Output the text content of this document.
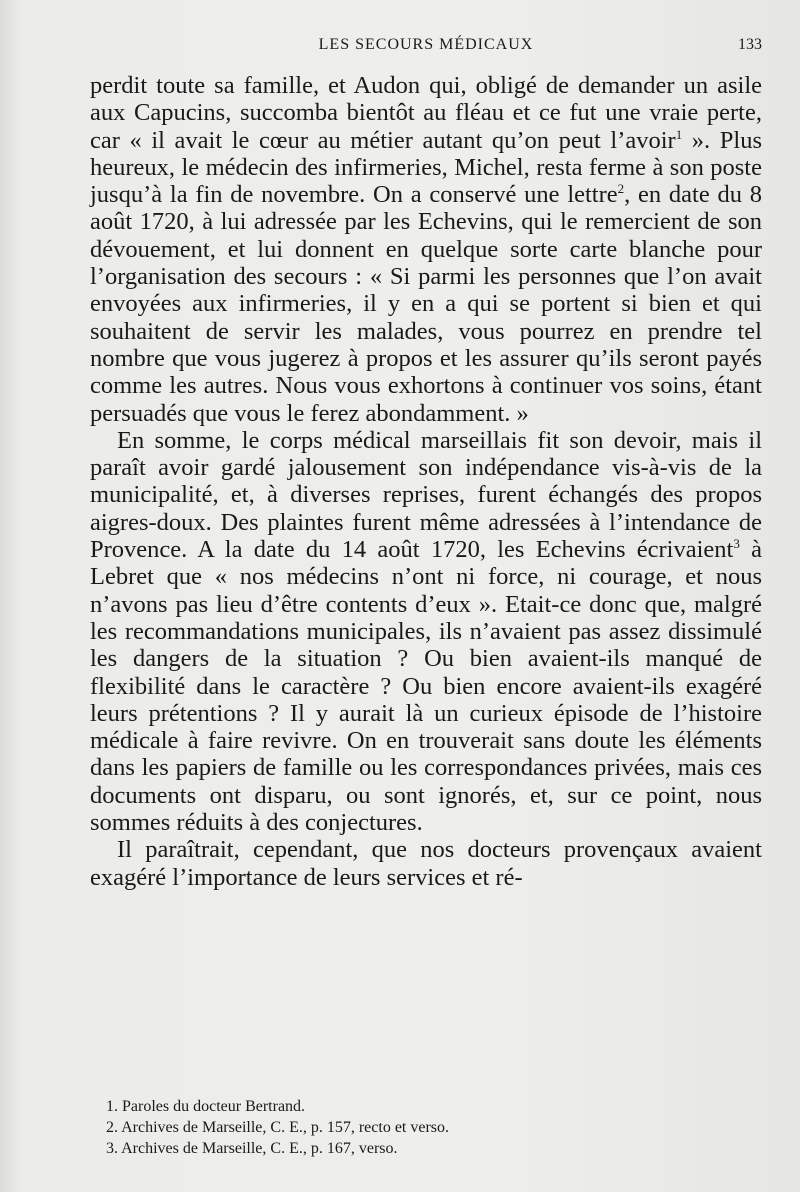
LES SECOURS MÉDICAUX	133

perdit toute sa famille, et Audon qui, obligé de demander un asile aux Capucins, succomba bientôt au fléau et ce fut une vraie perte, car « il avait le cœur au métier autant qu’on peut l’avoir$^1$ ». Plus heureux, le médecin des infirmeries, Michel, resta ferme à son poste jusqu’à la fin de novembre. On a conservé une lettre$^2$, en date du 8 août 1720, à lui adressée par les Echevins, qui le remercient de son dévouement, et lui donnent en quelque sorte carte blanche pour l’organisation des secours : « Si parmi les personnes que l’on avait envoyées aux infirmeries, il y en a qui se portent si bien et qui souhaitent de servir les malades, vous pourrez en prendre tel nombre que vous jugerez à propos et les assurer qu’ils seront payés comme les autres. Nous vous exhortons à continuer vos soins, étant persuadés que vous le ferez abondamment. »

En somme, le corps médical marseillais fit son devoir, mais il paraît avoir gardé jalousement son indépendance vis-à-vis de la municipalité, et, à diverses reprises, furent échangés des propos aigres-doux. Des plaintes furent même adressées à l’intendance de Provence. A la date du 14 août 1720, les Echevins écrivaient$^3$ à Lebret que « nos médecins n’ont ni force, ni courage, et nous n’avons pas lieu d’être contents d’eux ». Etait-ce donc que, malgré les recommandations municipales, ils n’avaient pas assez dissimulé les dangers de la situation ? Ou bien avaient-ils manqué de flexibilité dans le caractère ? Ou bien encore avaient-ils exagéré leurs prétentions ? Il y aurait là un curieux épisode de l’histoire médicale à faire revivre. On en trouverait sans doute les éléments dans les papiers de famille ou les correspondances privées, mais ces documents ont disparu, ou sont ignorés, et, sur ce point, nous sommes réduits à des conjectures.

Il paraîtrait, cependant, que nos docteurs provençaux avaient exagéré l’importance de leurs services et ré-

1. Paroles du docteur Bertrand.

2. Archives de Marseille, C. E., p. 157, recto et verso.

3. Archives de Marseille, C. E., p. 167, verso.
